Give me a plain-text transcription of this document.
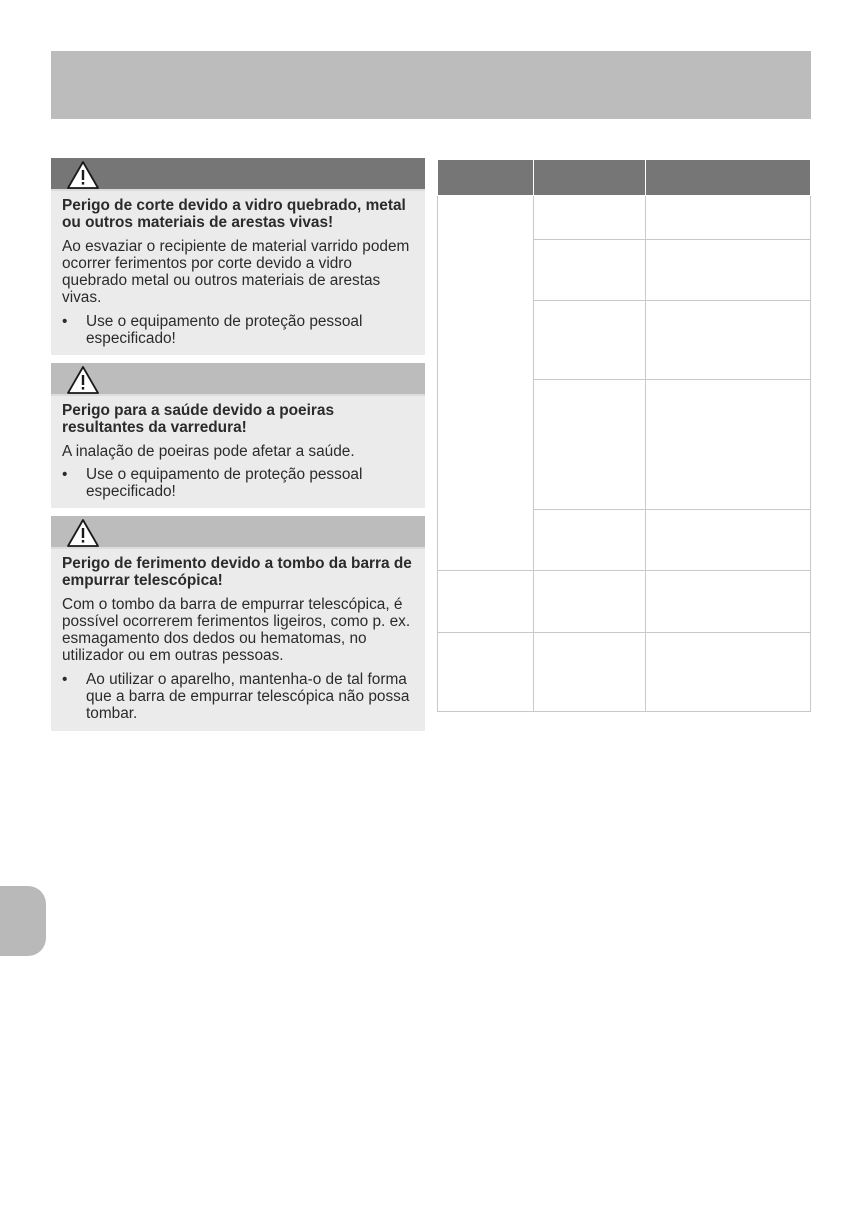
Perigo de corte devido a vidro quebrado, metal ou outros materiais de arestas vivas!

Ao esvaziar o recipiente de material varrido podem ocorrer ferimentos por corte devido a vidro quebrado metal ou outros materiais de arestas vivas.

• Use o equipamento de proteção pessoal especificado!

Perigo para a saúde devido a poeiras resultantes da varredura!

A inalação de poeiras pode afetar a saúde.

• Use o equipamento de proteção pessoal especificado!

Perigo de ferimento devido a tombo da barra de empurrar telescópica!

Com o tombo da barra de empurrar telescópica, é possível ocorrerem ferimentos ligeiros, como p. ex. esmagamento dos dedos ou hematomas, no utilizador ou em outras pessoas.

• Ao utilizar o aparelho, mantenha-o de tal forma que a barra de empurrar telescópica não possa tombar.
